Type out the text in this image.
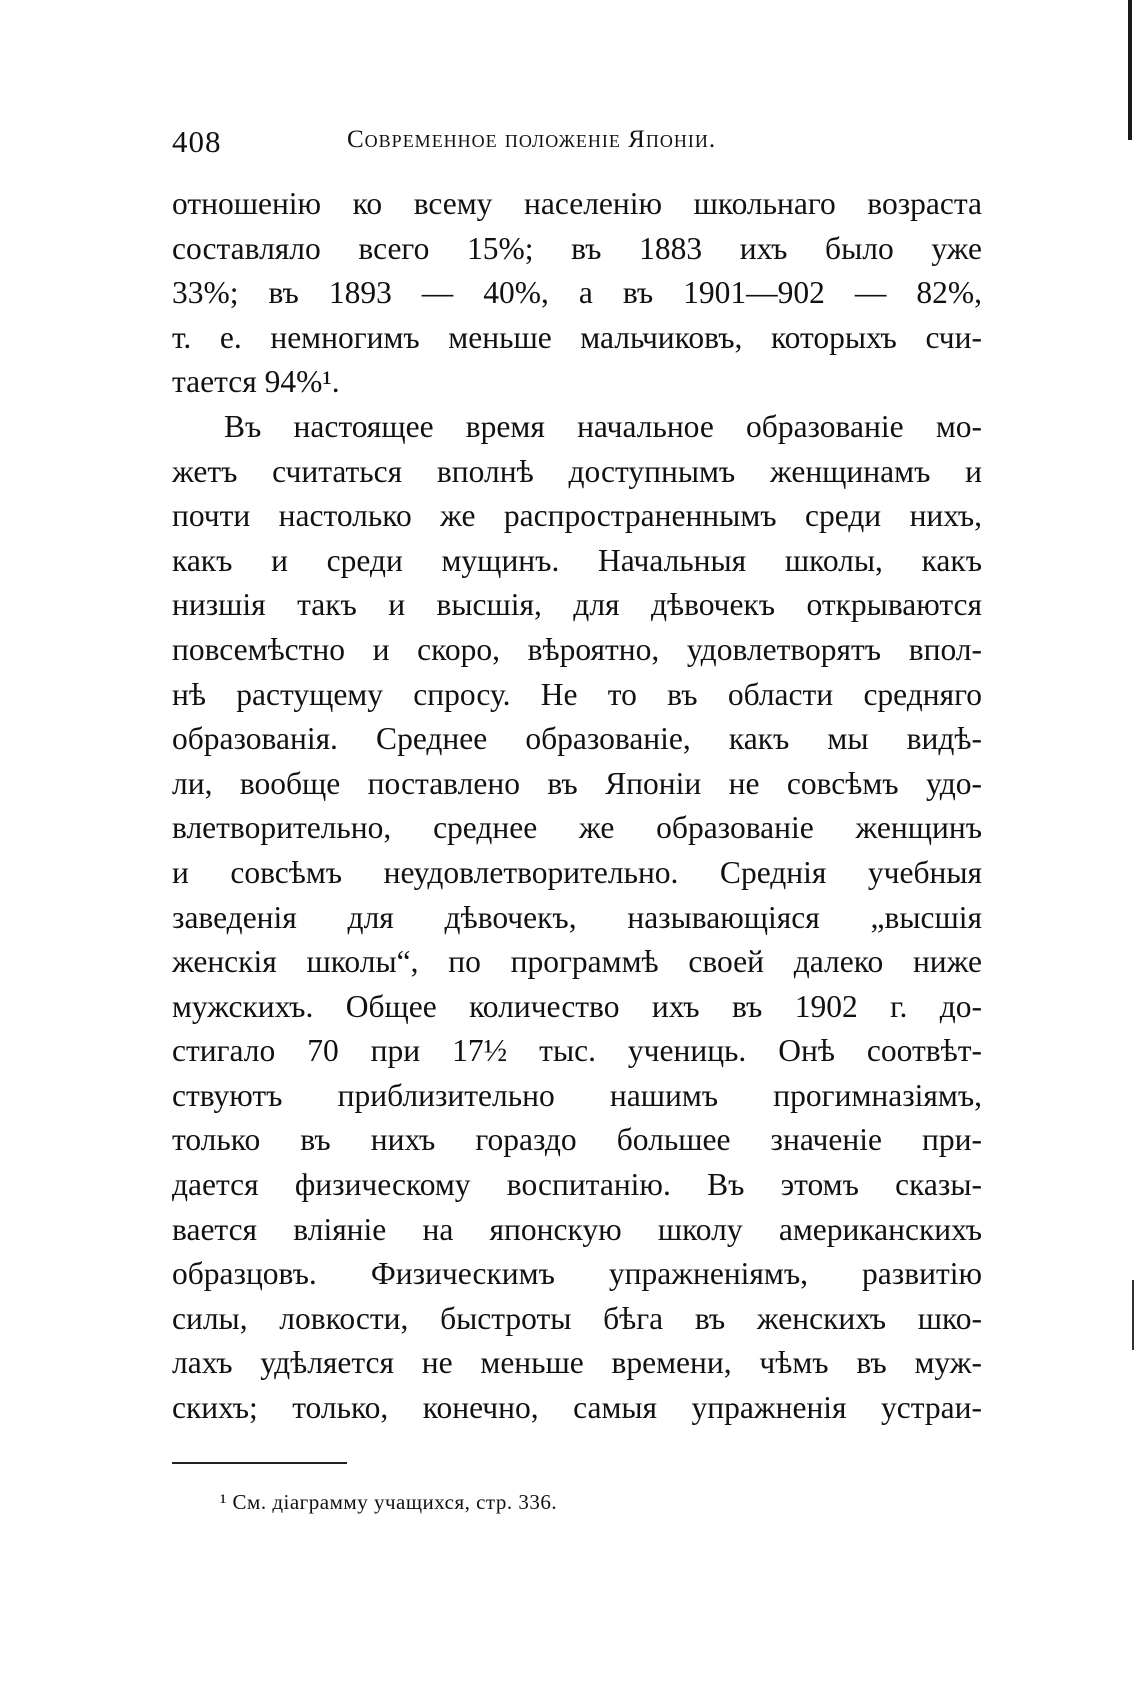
408	Современное положеніе Японіи.
отношенію ко всему населенію школьнаго возраста
составляло всего 15%; въ 1883 ихъ было уже
33%; въ 1893 — 40%, а въ 1901—902 — 82%,
т. е. немногимъ меньше мальчиковъ, которыхъ счи-
тается 94%¹.
Въ настоящее время начальное образованіе мо-
жетъ считаться вполнѣ доступнымъ женщинамъ и
почти настолько же распространеннымъ среди нихъ,
какъ и среди мущинъ. Начальныя школы, какъ
низшія такъ и высшія, для дѣвочекъ открываются
повсемѣстно и скоро, вѣроятно, удовлетворятъ впол-
нѣ растущему спросу. Не то въ области средняго
образованія. Среднее образованіе, какъ мы видѣ-
ли, вообще поставлено въ Японіи не совсѣмъ удо-
влетворительно, среднее же образованіе женщинъ
и совсѣмъ неудовлетворительно. Среднія учебныя
заведенія для дѣвочекъ, называющіяся „высшія
женскія школы“, по программѣ своей далеко ниже
мужскихъ. Общее количество ихъ въ 1902 г. до-
стигало 70 при 17½ тыс. учениць. Онѣ соотвѣт-
ствуютъ приблизительно нашимъ прогимназіямъ,
только въ нихъ гораздо большее значеніе при-
дается физическому воспитанію. Въ этомъ сказы-
вается вліяніе на японскую школу американскихъ
образцовъ. Физическимъ упражненіямъ, развитію
силы, ловкости, быстроты бѣга въ женскихъ шко-
лахъ удѣляется не меньше времени, чѣмъ въ муж-
скихъ; только, конечно, самыя упражненія устраи-
¹ См. діаграмму учащихся, стр. 336.
